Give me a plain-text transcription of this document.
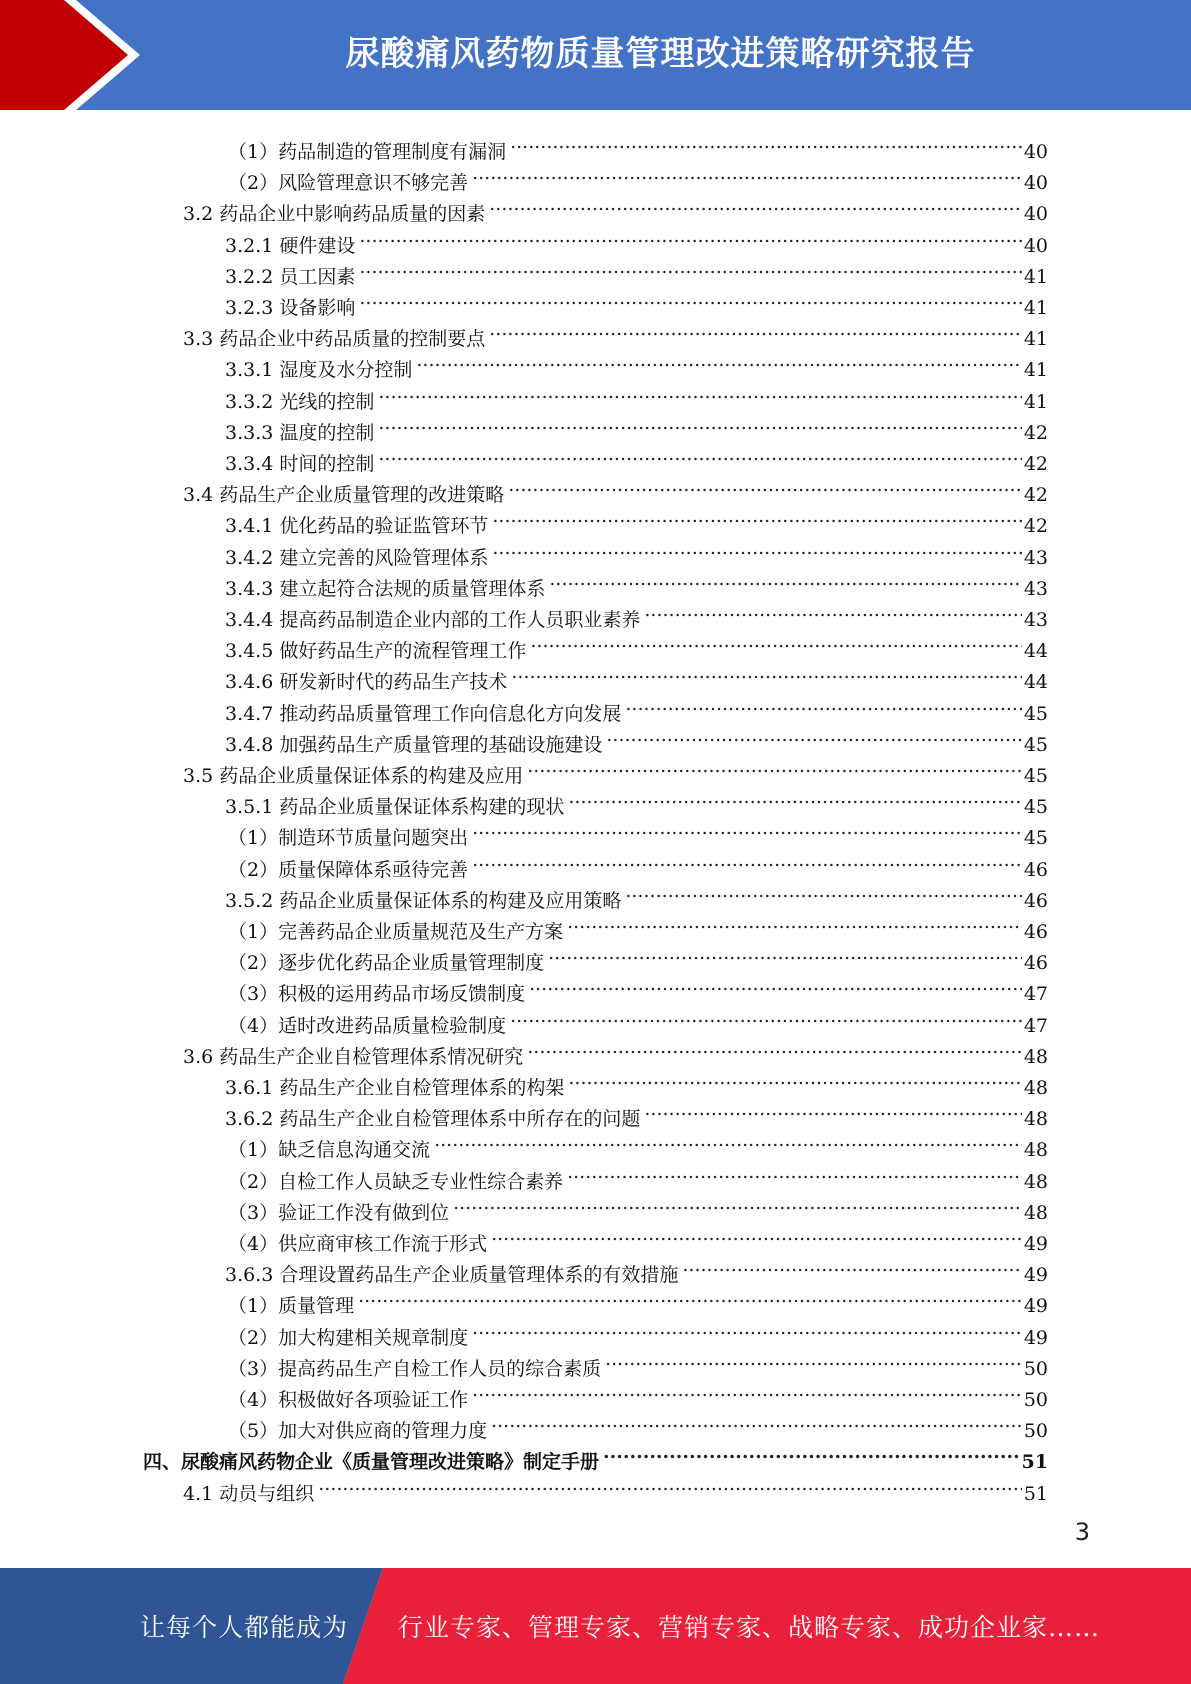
尿酸痛风药物质量管理改进策略研究报告
（1）药品制造的管理制度有漏洞 .....	40
（2）风险管理意识不够完善 .....	40
3.2 药品企业中影响药品质量的因素 .....	40
3.2.1 硬件建设 .....	40
3.2.2 员工因素 .....	41
3.2.3 设备影响 .....	41
3.3 药品企业中药品质量的控制要点 .....	41
3.3.1 湿度及水分控制 .....	41
3.3.2 光线的控制 .....	41
3.3.3 温度的控制 .....	42
3.3.4 时间的控制 .....	42
3.4 药品生产企业质量管理的改进策略 .....	42
3.4.1 优化药品的验证监管环节 .....	42
3.4.2 建立完善的风险管理体系 .....	43
3.4.3 建立起符合法规的质量管理体系 .....	43
3.4.4 提高药品制造企业内部的工作人员职业素养 .....	43
3.4.5 做好药品生产的流程管理工作 .....	44
3.4.6 研发新时代的药品生产技术 .....	44
3.4.7 推动药品质量管理工作向信息化方向发展 .....	45
3.4.8 加强药品生产质量管理的基础设施建设 .....	45
3.5 药品企业质量保证体系的构建及应用 .....	45
3.5.1 药品企业质量保证体系构建的现状 .....	45
（1）制造环节质量问题突出 .....	45
（2）质量保障体系亟待完善 .....	46
3.5.2 药品企业质量保证体系的构建及应用策略 .....	46
（1）完善药品企业质量规范及生产方案 .....	46
（2）逐步优化药品企业质量管理制度 .....	46
（3）积极的运用药品市场反馈制度 .....	47
（4）适时改进药品质量检验制度 .....	47
3.6 药品生产企业自检管理体系情况研究 .....	48
3.6.1 药品生产企业自检管理体系的构架 .....	48
3.6.2 药品生产企业自检管理体系中所存在的问题 .....	48
（1）缺乏信息沟通交流 .....	48
（2）自检工作人员缺乏专业性综合素养 .....	48
（3）验证工作没有做到位 .....	48
（4）供应商审核工作流于形式 .....	49
3.6.3 合理设置药品生产企业质量管理体系的有效措施 .....	49
（1）质量管理 .....	49
（2）加大构建相关规章制度 .....	49
（3）提高药品生产自检工作人员的综合素质 .....	50
（4）积极做好各项验证工作 .....	50
（5）加大对供应商的管理力度 .....	50
四、尿酸痛风药物企业《质量管理改进策略》制定手册 .....	51
4.1 动员与组织 .....	51
3
让每个人都能成为 行业专家、管理专家、营销专家、战略专家、成功企业家……
